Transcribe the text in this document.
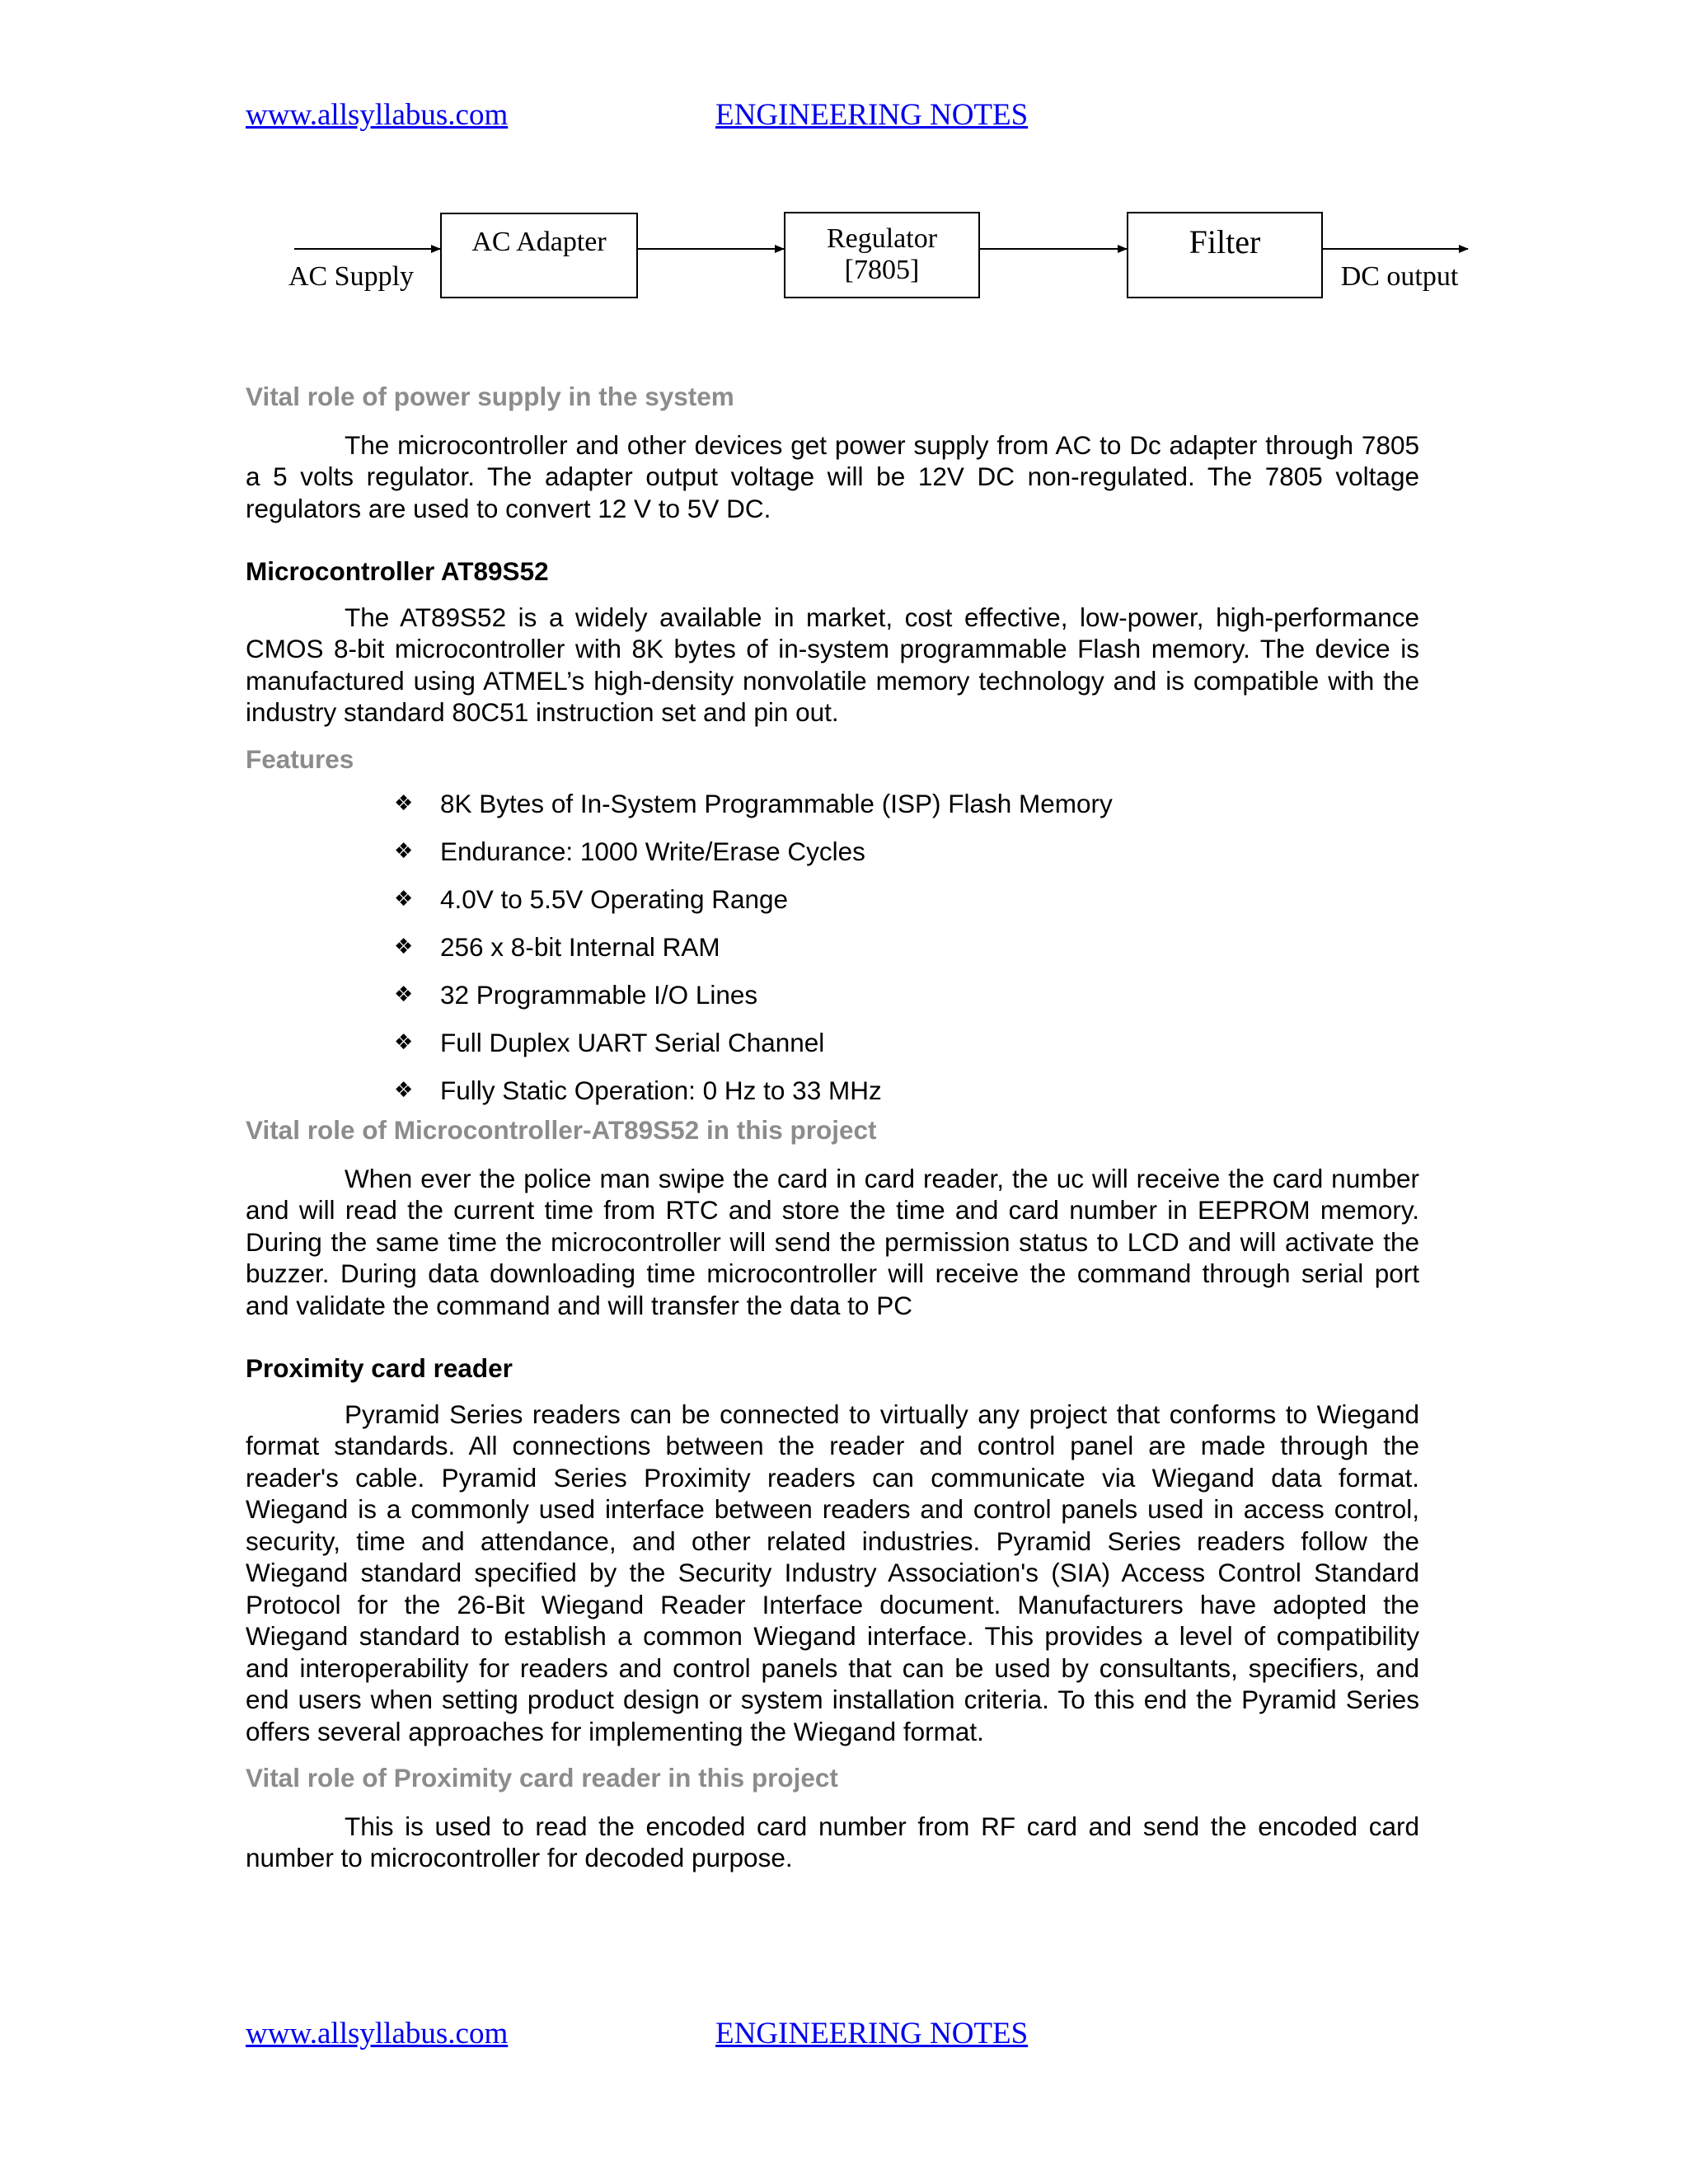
www.allsyllabus.com	ENGINEERING NOTES
AC Supply
AC Adapter	Regulator
[7805]
Filter
DC output

Vital role of power supply in the system

The microcontroller and other devices get power supply from AC to Dc adapter through 7805 a 5 volts regulator. The adapter output voltage will be 12V DC non-regulated. The 7805 voltage regulators are used to convert 12 V to 5V DC.

Microcontroller AT89S52

The AT89S52 is a widely available in market, cost effective, low-power, high-performance CMOS 8-bit microcontroller with 8K bytes of in-system programmable Flash memory. The device is manufactured using ATMEL’s high-density nonvolatile memory technology and is compatible with the industry standard 80C51 instruction set and pin out.

Features

❖	8K Bytes of In-System Programmable (ISP) Flash Memory
❖	Endurance: 1000 Write/Erase Cycles
❖	4.0V to 5.5V Operating Range
❖	256 x 8-bit Internal RAM
❖	32 Programmable I/O Lines
❖	Full Duplex UART Serial Channel
❖	Fully Static Operation: 0 Hz to 33 MHz

Vital role of Microcontroller-AT89S52 in this project

When ever the police man swipe the card in card reader, the uc will receive the card number and will read the current time from RTC and store the time and card number in EEPROM memory. During the same time the microcontroller will send the permission status to LCD and will activate the buzzer. During data downloading time microcontroller will receive the command through serial port and validate the command and will transfer the data to PC

Proximity card reader

Pyramid Series readers can be connected to virtually any project that conforms to Wiegand format standards. All connections between the reader and control panel are made through the reader's cable. Pyramid Series Proximity readers can communicate via Wiegand data format. Wiegand is a commonly used interface between readers and control panels used in access control, security, time and attendance, and other related industries. Pyramid Series readers follow the Wiegand standard specified by the Security Industry Association's (SIA) Access Control Standard Protocol for the 26-Bit Wiegand Reader Interface document. Manufacturers have adopted the Wiegand standard to establish a common Wiegand interface. This provides a level of compatibility and interoperability for readers and control panels that can be used by consultants, specifiers, and end users when setting product design or system installation criteria. To this end the Pyramid Series offers several approaches for implementing the Wiegand format.

Vital role of Proximity card reader in this project

This is used to read the encoded card number from RF card and send the encoded card number to microcontroller for decoded purpose.

www.allsyllabus.com	ENGINEERING NOTES
